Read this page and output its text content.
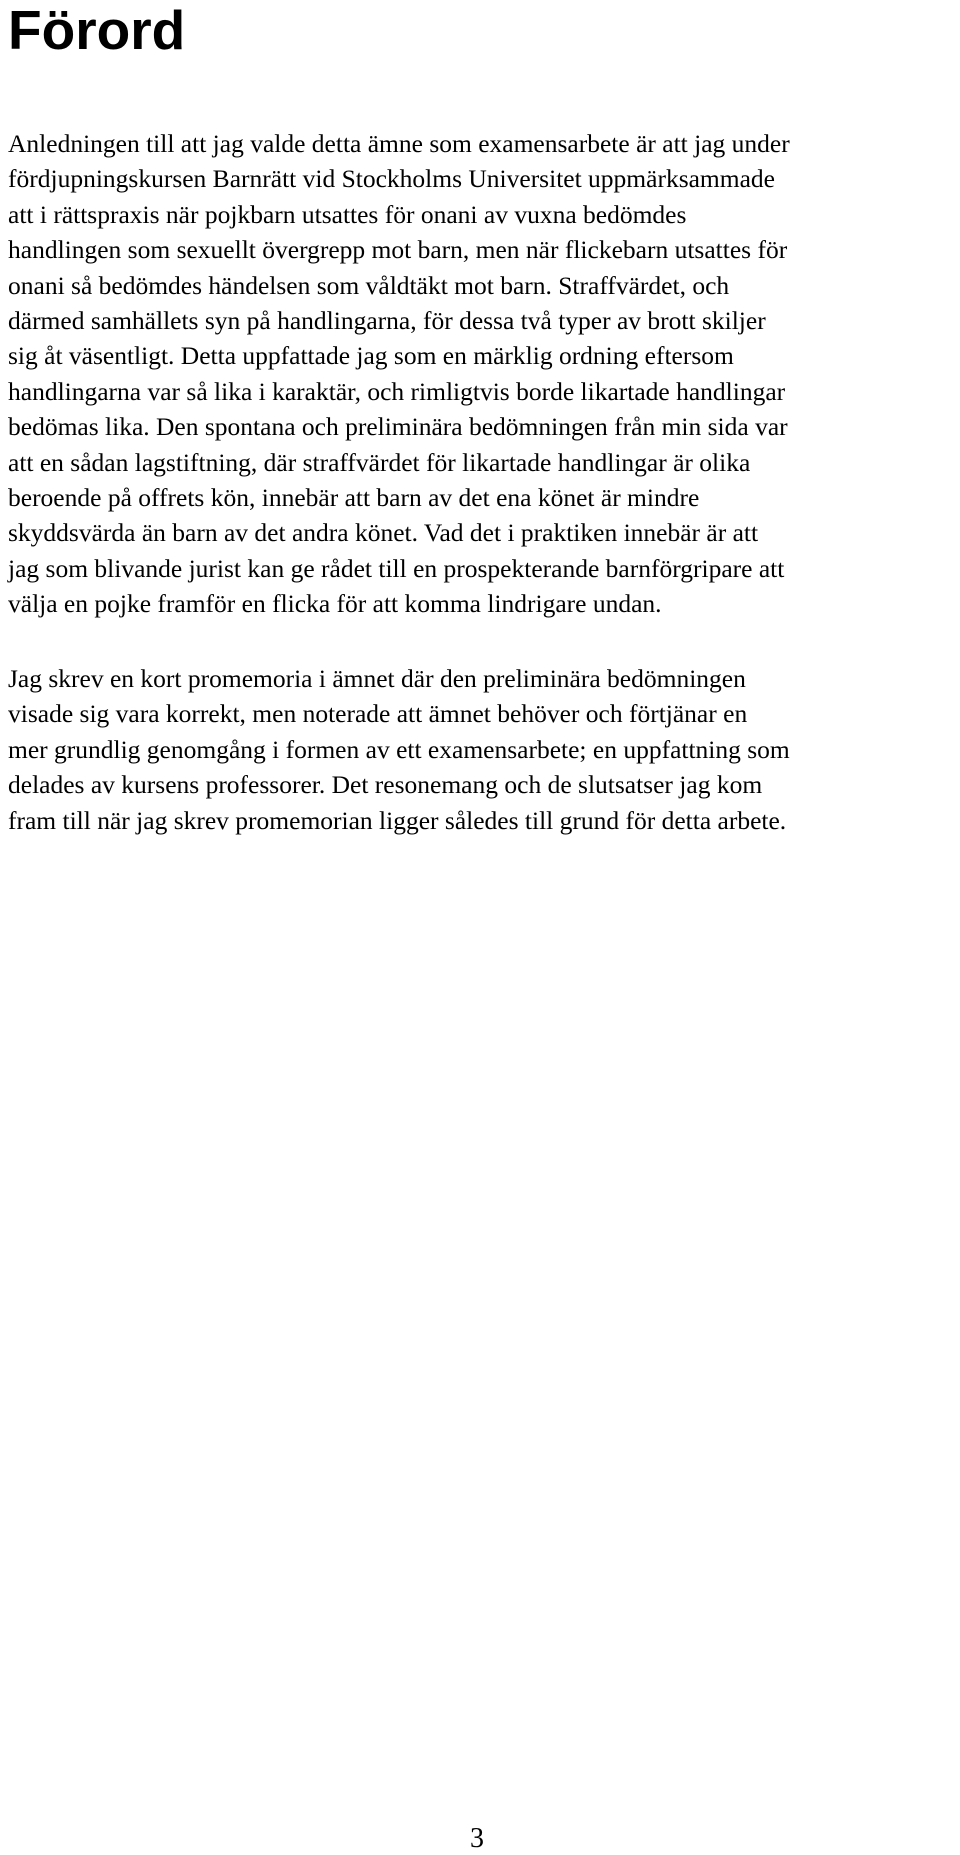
Förord

Anledningen till att jag valde detta ämne som examensarbete är att jag under
fördjupningskursen Barnrätt vid Stockholms Universitet uppmärksammade
att i rättspraxis när pojkbarn utsattes för onani av vuxna bedömdes
handlingen som sexuellt övergrepp mot barn, men när flickebarn utsattes för
onani så bedömdes händelsen som våldtäkt mot barn. Straffvärdet, och
därmed samhällets syn på handlingarna, för dessa två typer av brott skiljer
sig åt väsentligt. Detta uppfattade jag som en märklig ordning eftersom
handlingarna var så lika i karaktär, och rimligtvis borde likartade handlingar
bedömas lika. Den spontana och preliminära bedömningen från min sida var
att en sådan lagstiftning, där straffvärdet för likartade handlingar är olika
beroende på offrets kön, innebär att barn av det ena könet är mindre
skyddsvärda än barn av det andra könet. Vad det i praktiken innebär är att
jag som blivande jurist kan ge rådet till en prospekterande barnförgripare att
välja en pojke framför en flicka för att komma lindrigare undan.

Jag skrev en kort promemoria i ämnet där den preliminära bedömningen
visade sig vara korrekt, men noterade att ämnet behöver och förtjänar en
mer grundlig genomgång i formen av ett examensarbete; en uppfattning som
delades av kursens professorer. Det resonemang och de slutsatser jag kom
fram till när jag skrev promemorian ligger således till grund för detta arbete.

3
